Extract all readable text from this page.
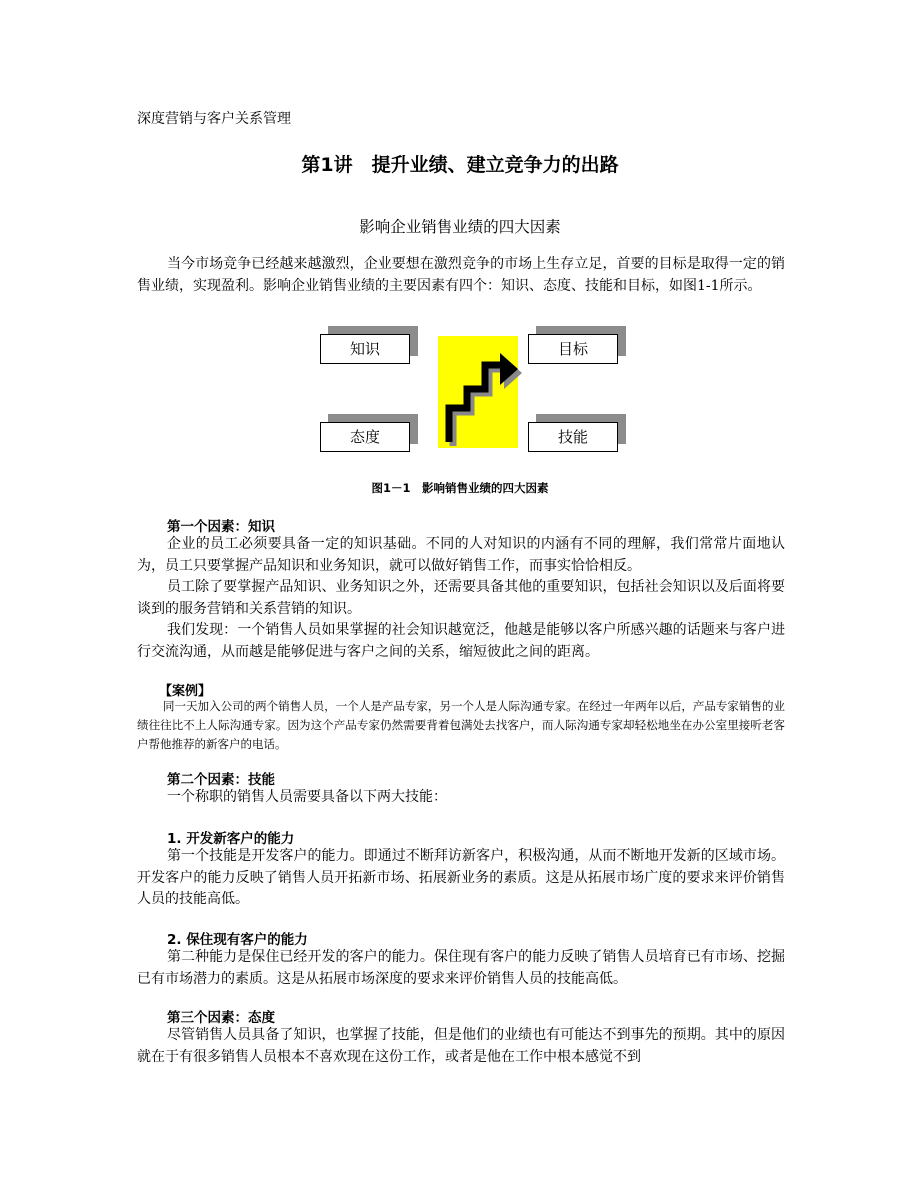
深度营销与客户关系管理
第1讲　提升业绩、建立竞争力的出路
影响企业销售业绩的四大因素
当今市场竞争已经越来越激烈，企业要想在激烈竞争的市场上生存立足，首要的目标是取得一定的销售业绩，实现盈利。影响企业销售业绩的主要因素有四个：知识、态度、技能和目标，如图1-1所示。
知识	目标
态度	技能
图1－1　影响销售业绩的四大因素
第一个因素：知识
企业的员工必须要具备一定的知识基础。不同的人对知识的内涵有不同的理解，我们常常片面地认为，员工只要掌握产品知识和业务知识，就可以做好销售工作，而事实恰恰相反。
员工除了要掌握产品知识、业务知识之外，还需要具备其他的重要知识，包括社会知识以及后面将要谈到的服务营销和关系营销的知识。
我们发现：一个销售人员如果掌握的社会知识越宽泛，他越是能够以客户所感兴趣的话题来与客户进行交流沟通，从而越是能够促进与客户之间的关系，缩短彼此之间的距离。
【案例】
同一天加入公司的两个销售人员，一个人是产品专家，另一个人是人际沟通专家。在经过一年两年以后，产品专家销售的业绩往往比不上人际沟通专家。因为这个产品专家仍然需要背着包满处去找客户，而人际沟通专家却轻松地坐在办公室里接听老客户帮他推荐的新客户的电话。
第二个因素：技能
一个称职的销售人员需要具备以下两大技能：
1. 开发新客户的能力
第一个技能是开发客户的能力。即通过不断拜访新客户，积极沟通，从而不断地开发新的区域市场。开发客户的能力反映了销售人员开拓新市场、拓展新业务的素质。这是从拓展市场广度的要求来评价销售人员的技能高低。
2. 保住现有客户的能力
第二种能力是保住已经开发的客户的能力。保住现有客户的能力反映了销售人员培育已有市场、挖掘已有市场潜力的素质。这是从拓展市场深度的要求来评价销售人员的技能高低。
第三个因素：态度
尽管销售人员具备了知识，也掌握了技能，但是他们的业绩也有可能达不到事先的预期。其中的原因就在于有很多销售人员根本不喜欢现在这份工作，或者是他在工作中根本感觉不到
